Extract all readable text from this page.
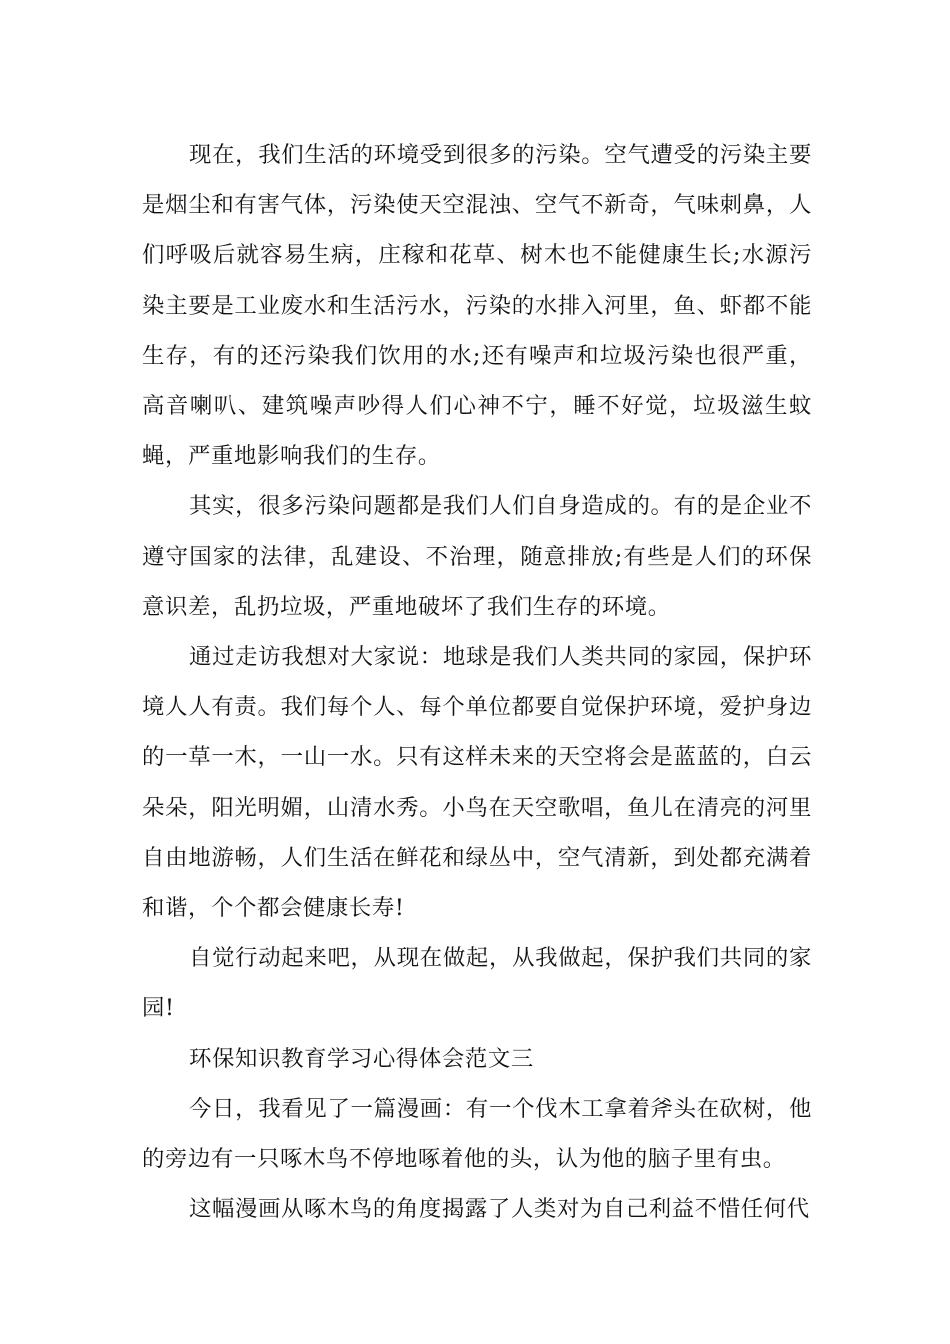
现在，我们生活的环境受到很多的污染。空气遭受的污染主要是烟尘和有害气体，污染使天空混浊、空气不新奇，气味刺鼻，人们呼吸后就容易生病，庄稼和花草、树木也不能健康生长;水源污染主要是工业废水和生活污水，污染的水排入河里，鱼、虾都不能生存，有的还污染我们饮用的水;还有噪声和垃圾污染也很严重，高音喇叭、建筑噪声吵得人们心神不宁，睡不好觉，垃圾滋生蚊蝇，严重地影响我们的生存。

其实，很多污染问题都是我们人们自身造成的。有的是企业不遵守国家的法律，乱建设、不治理，随意排放;有些是人们的环保意识差，乱扔垃圾，严重地破坏了我们生存的环境。

通过走访我想对大家说：地球是我们人类共同的家园，保护环境人人有责。我们每个人、每个单位都要自觉保护环境，爱护身边的一草一木，一山一水。只有这样未来的天空将会是蓝蓝的，白云朵朵，阳光明媚，山清水秀。小鸟在天空歌唱，鱼儿在清亮的河里自由地游畅，人们生活在鲜花和绿丛中，空气清新，到处都充满着和谐，个个都会健康长寿!

自觉行动起来吧，从现在做起，从我做起，保护我们共同的家园!

环保知识教育学习心得体会范文三

今日，我看见了一篇漫画：有一个伐木工拿着斧头在砍树，他的旁边有一只啄木鸟不停地啄着他的头，认为他的脑子里有虫。

这幅漫画从啄木鸟的角度揭露了人类对为自己利益不惜任何代
